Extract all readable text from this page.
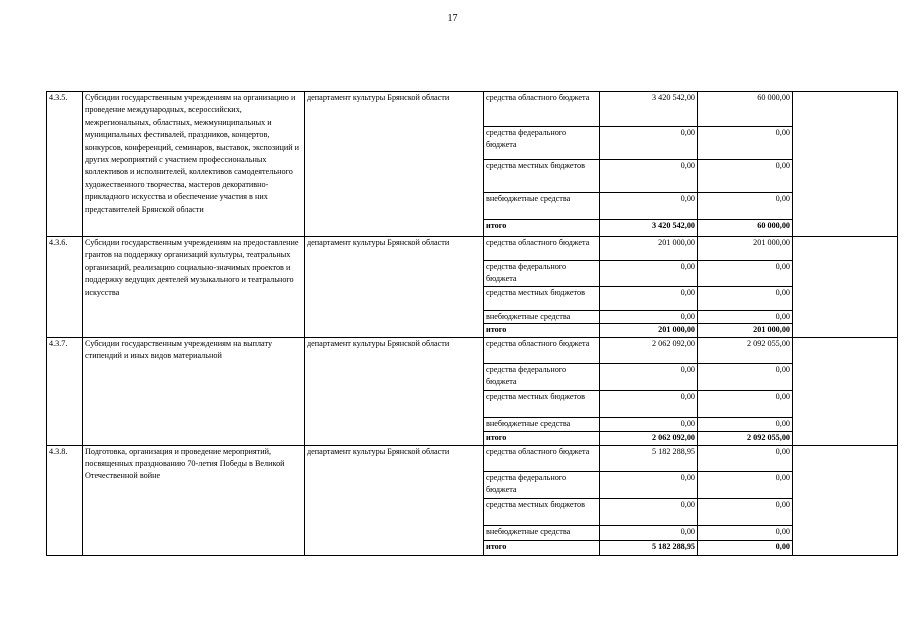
17
4.3.5.	Субсидии государственным учреждениям на организацию и проведение международных, всероссийских, межрегиональных, областных, межмуниципальных и муниципальных фестивалей, праздников, концертов, конкурсов, конференций, семинаров, выставок, экспозиций и других мероприятий с участием профессиональных коллективов и исполнителей, коллективов самодеятельного художественного творчества, мастеров декоративно-прикладного искусства и обеспечение участия в них представителей Брянской области	департамент культуры Брянской области	средства областного бюджета	3 420 542,00	60 000,00	
			средства федерального бюджета	0,00	0,00	
			средства местных бюджетов	0,00	0,00	
			внебюджетные средства	0,00	0,00	
			итого	3 420 542,00	60 000,00	
4.3.6.	Субсидии государственным учреждениям на предоставление грантов на поддержку организаций культуры, театральных организаций, реализацию социально-значимых проектов и поддержку ведущих деятелей музыкального и театрального искусства	департамент культуры Брянской области	средства областного бюджета	201 000,00	201 000,00	
			средства федерального бюджета	0,00	0,00	
			средства местных бюджетов	0,00	0,00	
			внебюджетные средства	0,00	0,00	
			итого	201 000,00	201 000,00	
4.3.7.	Субсидии государственным учреждениям на выплату стипендий и иных видов материальной	департамент культуры Брянской области	средства областного бюджета	2 062 092,00	2 092 055,00	
			средства федерального бюджета	0,00	0,00	
			средства местных бюджетов	0,00	0,00	
			внебюджетные средства	0,00	0,00	
			итого	2 062 092,00	2 092 055,00	
4.3.8.	Подготовка, организация и проведение мероприятий, посвященных празднованию 70-летия Победы в Великой Отечественной войне	департамент культуры Брянской области	средства областного бюджета	5 182 288,95	0,00	
			средства федерального бюджета	0,00	0,00	
			средства местных бюджетов	0,00	0,00	
			внебюджетные средства	0,00	0,00	
			итого	5 182 288,95	0,00	
